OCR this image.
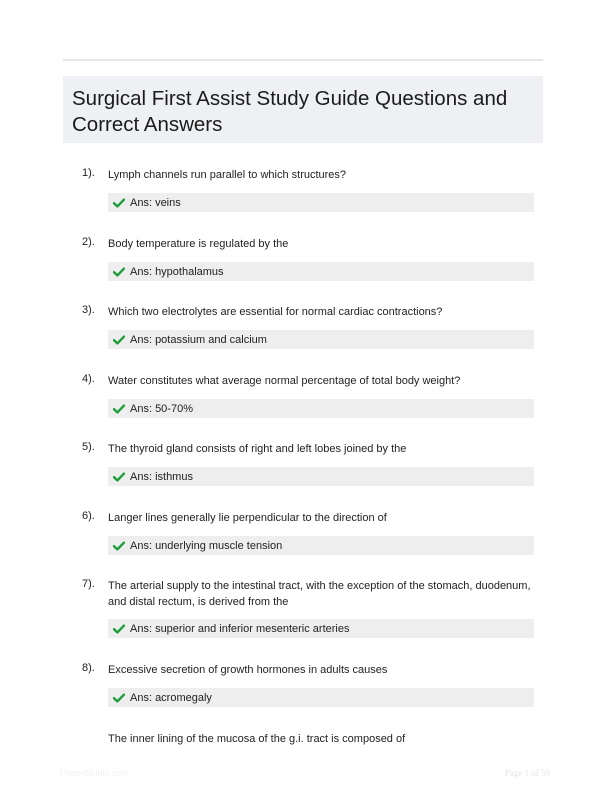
Surgical First Assist Study Guide Questions and Correct Answers
1). Lymph channels run parallel to which structures?
Ans: veins
2). Body temperature is regulated by the
Ans: hypothalamus
3). Which two electrolytes are essential for normal cardiac contractions?
Ans: potassium and calcium
4). Water constitutes what average normal percentage of total body weight?
Ans: 50-70%
5). The thyroid gland consists of right and left lobes joined by the
Ans: isthmus
6). Langer lines generally lie perpendicular to the direction of
Ans: underlying muscle tension
7). The arterial supply to the intestinal tract, with the exception of the stomach, duodenum, and distal rectum, is derived from the
Ans: superior and inferior mesenteric arteries
8). Excessive secretion of growth hormones in adults causes
Ans: acromegaly
The inner lining of the mucosa of the g.i. tract is composed of
PaperStudio.com	Page 1 of 59
